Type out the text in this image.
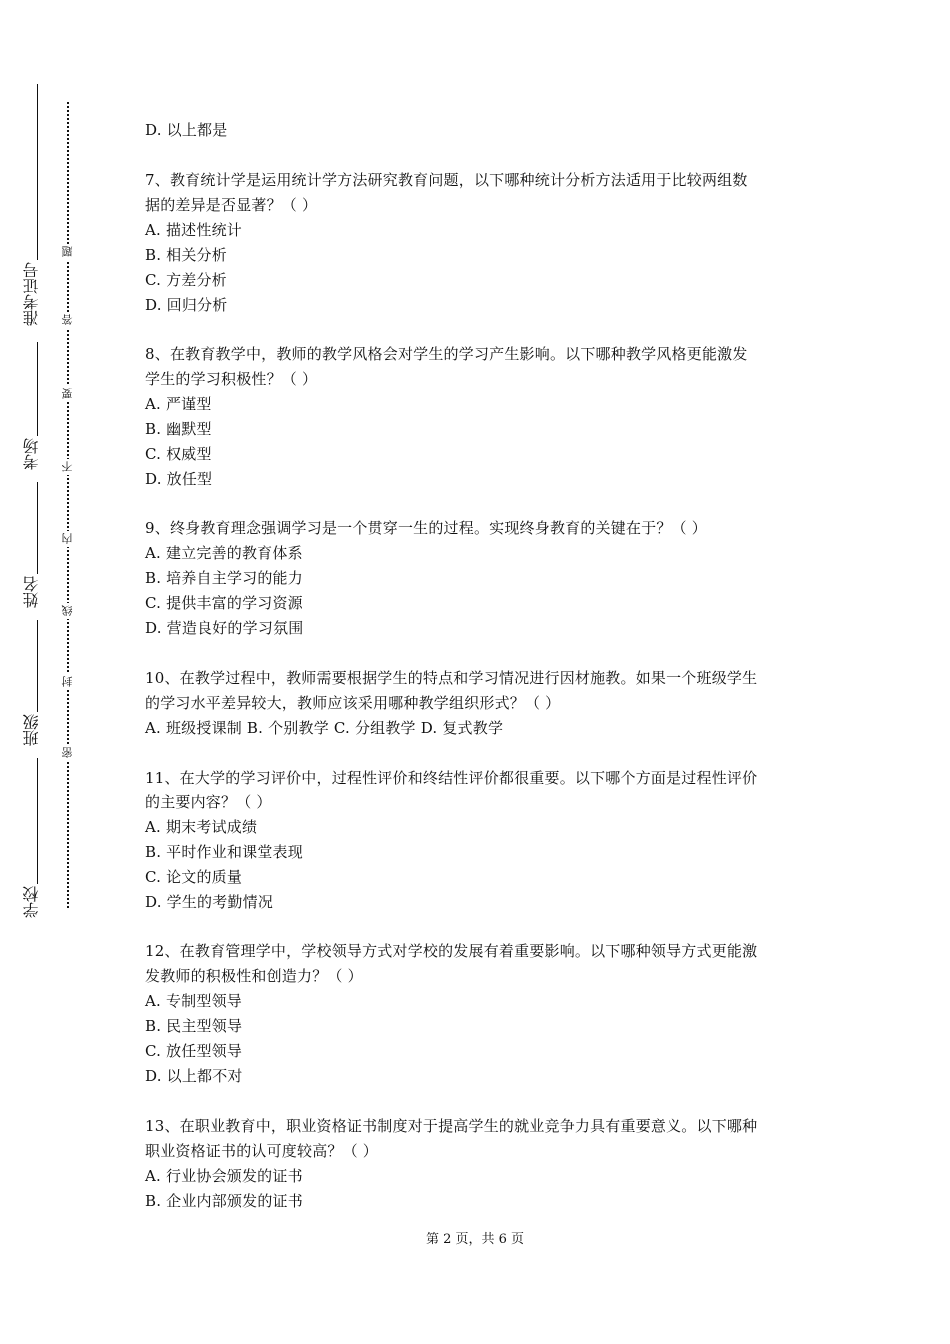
准考证号
考场
姓名
班级
学校
题
答
要
不
内
线
封
密
D. 以上都是
7、教育统计学是运用统计学方法研究教育问题，以下哪种统计分析方法适用于比较两组数
据的差异是否显著？（ ）
A. 描述性统计
B. 相关分析
C. 方差分析
D. 回归分析
8、在教育教学中，教师的教学风格会对学生的学习产生影响。以下哪种教学风格更能激发
学生的学习积极性？（ ）
A. 严谨型
B. 幽默型
C. 权威型
D. 放任型
9、终身教育理念强调学习是一个贯穿一生的过程。实现终身教育的关键在于？（ ）
A. 建立完善的教育体系
B. 培养自主学习的能力
C. 提供丰富的学习资源
D. 营造良好的学习氛围
10、在教学过程中，教师需要根据学生的特点和学习情况进行因材施教。如果一个班级学生
的学习水平差异较大，教师应该采用哪种教学组织形式？（ ）
A. 班级授课制 B. 个别教学 C. 分组教学 D. 复式教学
11、在大学的学习评价中，过程性评价和终结性评价都很重要。以下哪个方面是过程性评价
的主要内容？（ ）
A. 期末考试成绩
B. 平时作业和课堂表现
C. 论文的质量
D. 学生的考勤情况
12、在教育管理学中，学校领导方式对学校的发展有着重要影响。以下哪种领导方式更能激
发教师的积极性和创造力？（ ）
A. 专制型领导
B. 民主型领导
C. 放任型领导
D. 以上都不对
13、在职业教育中，职业资格证书制度对于提高学生的就业竞争力具有重要意义。以下哪种
职业资格证书的认可度较高？（ ）
A. 行业协会颁发的证书
B. 企业内部颁发的证书
第 2 页，共 6 页
